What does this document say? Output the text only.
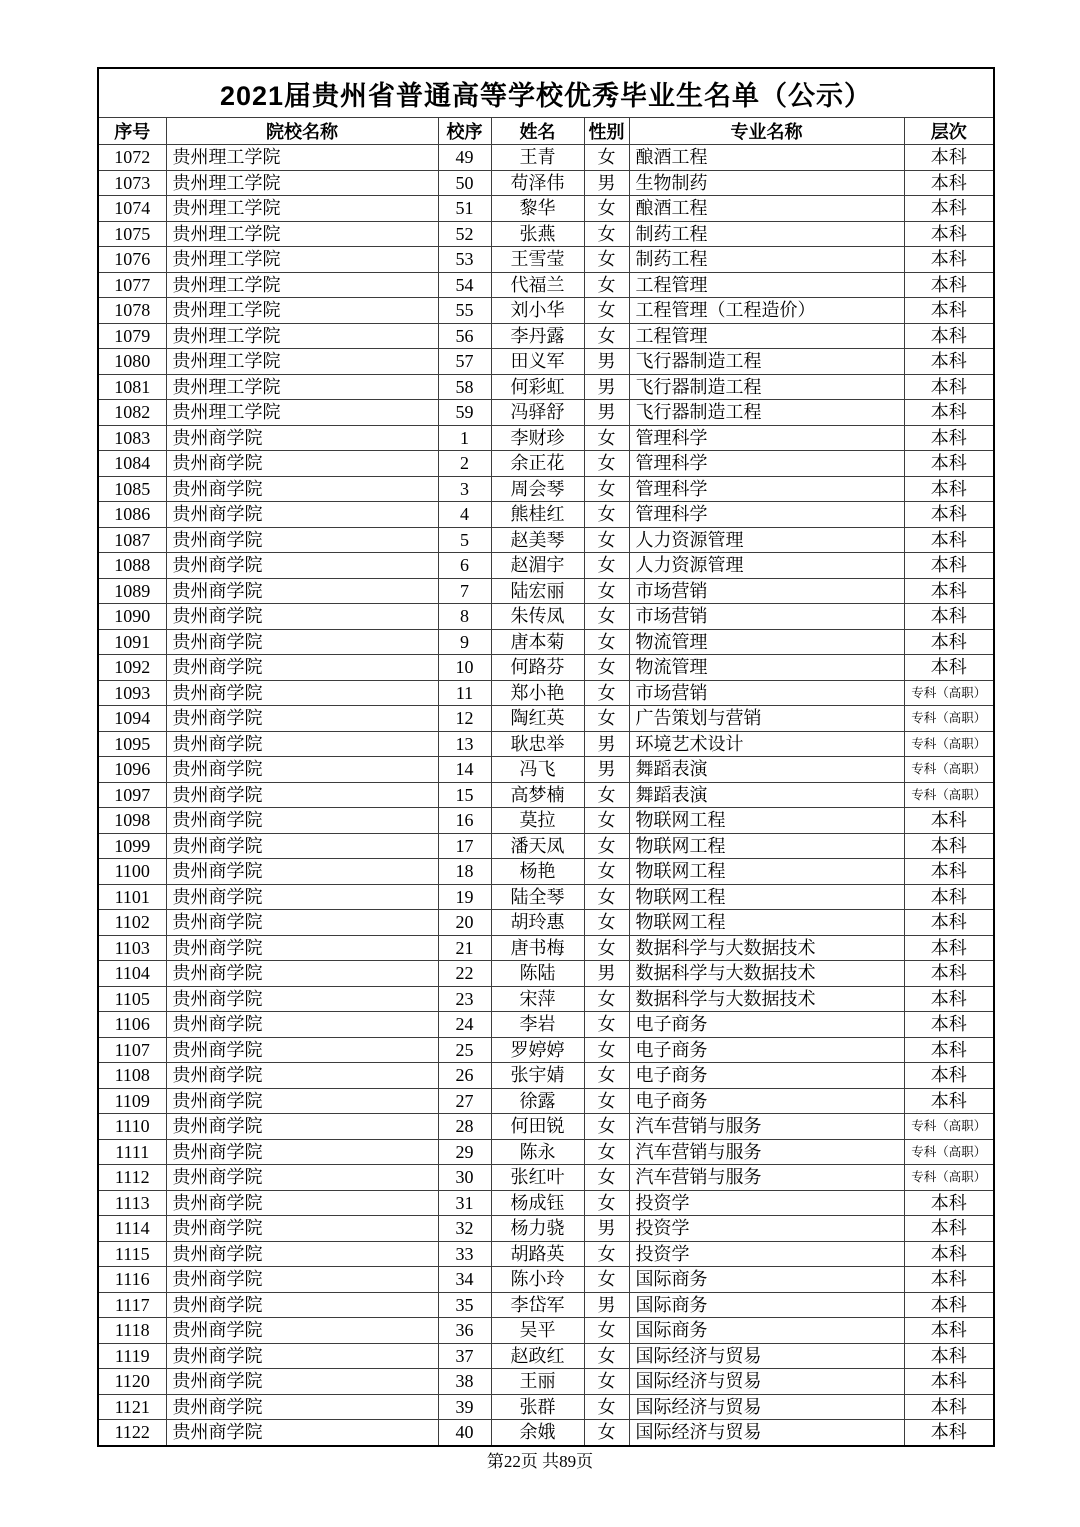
2021届贵州省普通高等学校优秀毕业生名单（公示）						
序号	院校名称	校序	姓名	性别	专业名称	层次
1072	贵州理工学院	49	王青	女	酿酒工程	本科
1073	贵州理工学院	50	苟泽伟	男	生物制药	本科
1074	贵州理工学院	51	黎华	女	酿酒工程	本科
1075	贵州理工学院	52	张燕	女	制药工程	本科
1076	贵州理工学院	53	王雪莹	女	制药工程	本科
1077	贵州理工学院	54	代福兰	女	工程管理	本科
1078	贵州理工学院	55	刘小华	女	工程管理（工程造价）	本科
1079	贵州理工学院	56	李丹露	女	工程管理	本科
1080	贵州理工学院	57	田义军	男	飞行器制造工程	本科
1081	贵州理工学院	58	何彩虹	男	飞行器制造工程	本科
1082	贵州理工学院	59	冯驿舒	男	飞行器制造工程	本科
1083	贵州商学院	1	李财珍	女	管理科学	本科
1084	贵州商学院	2	余正花	女	管理科学	本科
1085	贵州商学院	3	周会琴	女	管理科学	本科
1086	贵州商学院	4	熊桂红	女	管理科学	本科
1087	贵州商学院	5	赵美琴	女	人力资源管理	本科
1088	贵州商学院	6	赵湄宇	女	人力资源管理	本科
1089	贵州商学院	7	陆宏丽	女	市场营销	本科
1090	贵州商学院	8	朱传凤	女	市场营销	本科
1091	贵州商学院	9	唐本菊	女	物流管理	本科
1092	贵州商学院	10	何路芬	女	物流管理	本科
1093	贵州商学院	11	郑小艳	女	市场营销	专科（高职）
1094	贵州商学院	12	陶红英	女	广告策划与营销	专科（高职）
1095	贵州商学院	13	耿忠举	男	环境艺术设计	专科（高职）
1096	贵州商学院	14	冯飞	男	舞蹈表演	专科（高职）
1097	贵州商学院	15	高梦楠	女	舞蹈表演	专科（高职）
1098	贵州商学院	16	莫拉	女	物联网工程	本科
1099	贵州商学院	17	潘天凤	女	物联网工程	本科
1100	贵州商学院	18	杨艳	女	物联网工程	本科
1101	贵州商学院	19	陆全琴	女	物联网工程	本科
1102	贵州商学院	20	胡玲惠	女	物联网工程	本科
1103	贵州商学院	21	唐书梅	女	数据科学与大数据技术	本科
1104	贵州商学院	22	陈陆	男	数据科学与大数据技术	本科
1105	贵州商学院	23	宋萍	女	数据科学与大数据技术	本科
1106	贵州商学院	24	李岩	女	电子商务	本科
1107	贵州商学院	25	罗婷婷	女	电子商务	本科
1108	贵州商学院	26	张宇婧	女	电子商务	本科
1109	贵州商学院	27	徐露	女	电子商务	本科
1110	贵州商学院	28	何田锐	女	汽车营销与服务	专科（高职）
1111	贵州商学院	29	陈永	女	汽车营销与服务	专科（高职）
1112	贵州商学院	30	张红叶	女	汽车营销与服务	专科（高职）
1113	贵州商学院	31	杨成钰	女	投资学	本科
1114	贵州商学院	32	杨力骁	男	投资学	本科
1115	贵州商学院	33	胡路英	女	投资学	本科
1116	贵州商学院	34	陈小玲	女	国际商务	本科
1117	贵州商学院	35	李岱军	男	国际商务	本科
1118	贵州商学院	36	吴平	女	国际商务	本科
1119	贵州商学院	37	赵政红	女	国际经济与贸易	本科
1120	贵州商学院	38	王丽	女	国际经济与贸易	本科
1121	贵州商学院	39	张群	女	国际经济与贸易	本科
1122	贵州商学院	40	余娥	女	国际经济与贸易	本科
第22页 共89页
